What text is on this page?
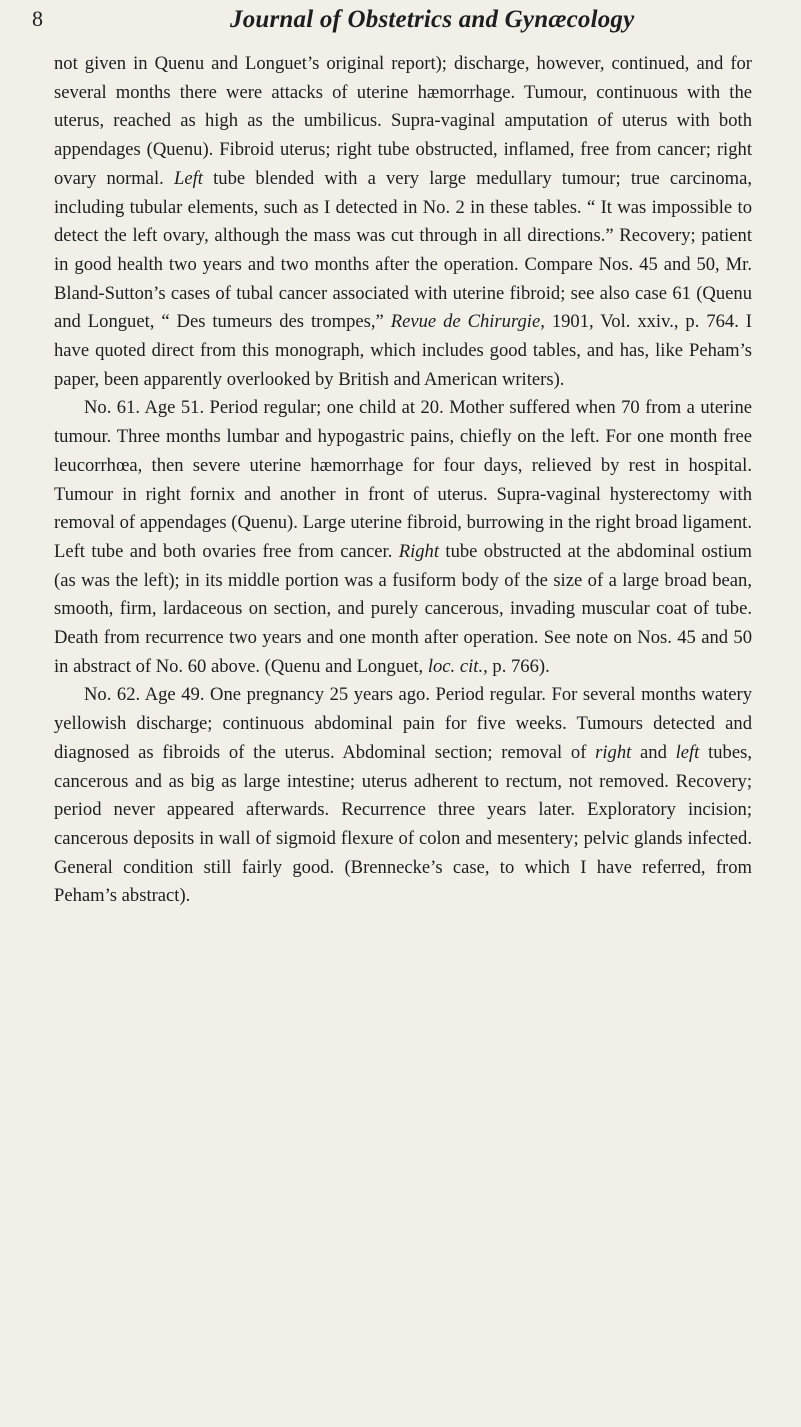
8	Journal of Obstetrics and Gynæcology

not given in Quenu and Longuet’s original report); discharge, however, continued, and for several months there were attacks of uterine hæmorrhage. Tumour, continuous with the uterus, reached as high as the umbilicus. Supra-vaginal amputation of uterus with both appendages (Quenu). Fibroid uterus; right tube obstructed, inflamed, free from cancer; right ovary normal. Left tube blended with a very large medullary tumour; true carcinoma, including tubular elements, such as I detected in No. 2 in these tables. “ It was impossible to detect the left ovary, although the mass was cut through in all directions.” Recovery; patient in good health two years and two months after the operation. Compare Nos. 45 and 50, Mr. Bland-Sutton’s cases of tubal cancer associated with uterine fibroid; see also case 61 (Quenu and Longuet, “ Des tumeurs des trompes,” Revue de Chirurgie, 1901, Vol. xxiv., p. 764. I have quoted direct from this monograph, which includes good tables, and has, like Peham’s paper, been apparently overlooked by British and American writers).

No. 61. Age 51. Period regular; one child at 20. Mother suffered when 70 from a uterine tumour. Three months lumbar and hypogastric pains, chiefly on the left. For one month free leucorrhœa, then severe uterine hæmorrhage for four days, relieved by rest in hospital. Tumour in right fornix and another in front of uterus. Supra-vaginal hysterectomy with removal of appendages (Quenu). Large uterine fibroid, burrowing in the right broad ligament. Left tube and both ovaries free from cancer. Right tube obstructed at the abdominal ostium (as was the left); in its middle portion was a fusiform body of the size of a large broad bean, smooth, firm, lardaceous on section, and purely cancerous, invading muscular coat of tube. Death from recurrence two years and one month after operation. See note on Nos. 45 and 50 in abstract of No. 60 above. (Quenu and Longuet, loc. cit., p. 766).

No. 62. Age 49. One pregnancy 25 years ago. Period regular. For several months watery yellowish discharge; continuous abdominal pain for five weeks. Tumours detected and diagnosed as fibroids of the uterus. Abdominal section; removal of right and left tubes, cancerous and as big as large intestine; uterus adherent to rectum, not removed. Recovery; period never appeared afterwards. Recurrence three years later. Exploratory incision; cancerous deposits in wall of sigmoid flexure of colon and mesentery; pelvic glands infected. General condition still fairly good. (Brennecke’s case, to which I have referred, from Peham’s abstract).
